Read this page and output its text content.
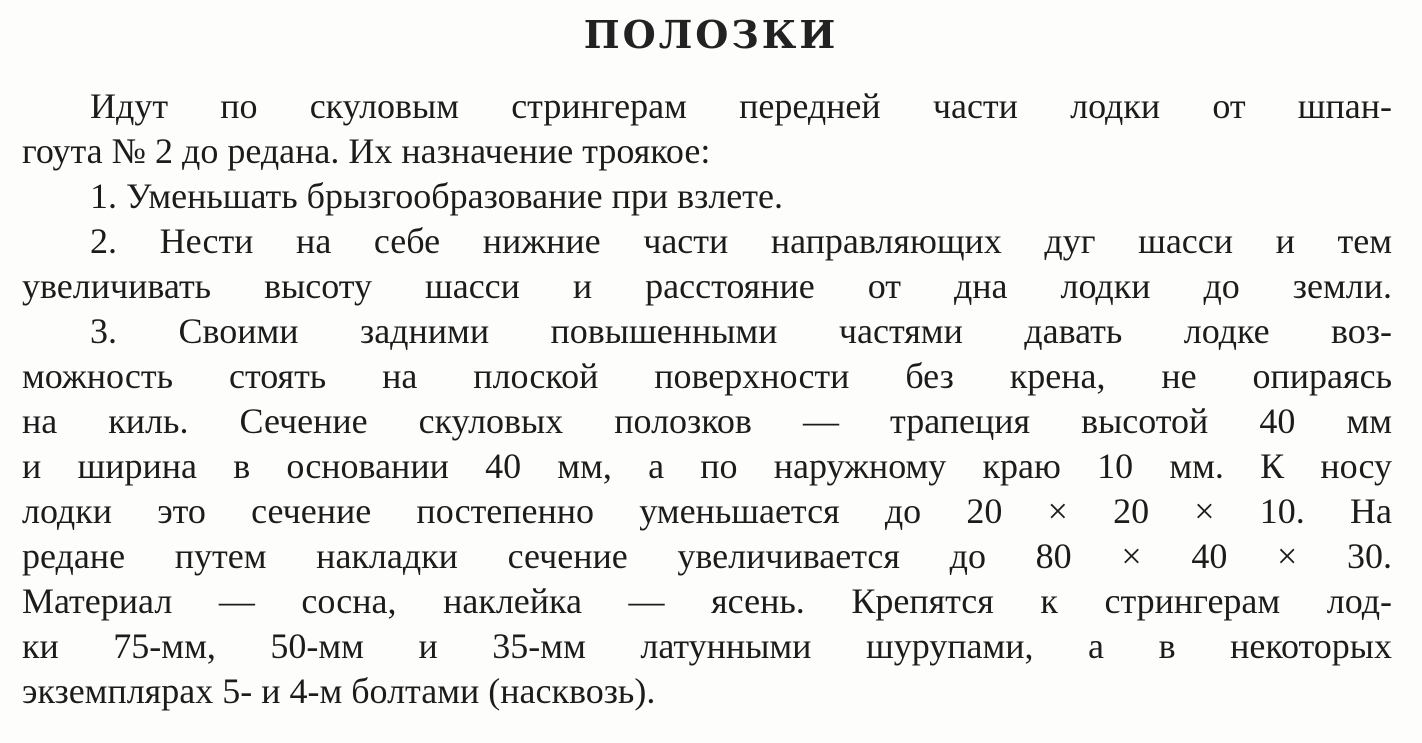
ПОЛОЗКИ
Идут по скуловым стрингерам передней части лодки от шпан-
гоута № 2 до редана. Их назначение троякое:
1. Уменьшать брызгообразование при взлете.
2. Нести на себе нижние части направляющих дуг шасси и тем
увеличивать высоту шасси и расстояние от дна лодки до земли.
3. Своими задними повышенными частями давать лодке воз-
можность стоять на плоской поверхности без крена, не опираясь
на киль. Сечение скуловых полозков — трапеция высотой 40 мм
и ширина в основании 40 мм, а по наружному краю 10 мм. К носу
лодки это сечение постепенно уменьшается до 20 × 20 × 10. На
редане путем накладки сечение увеличивается до 80 × 40 × 30.
Материал — сосна, наклейка — ясень. Крепятся к стрингерам лод-
ки 75-мм, 50-мм и 35-мм латунными шурупами, а в некоторых
экземплярах 5- и 4-м болтами (насквозь).
